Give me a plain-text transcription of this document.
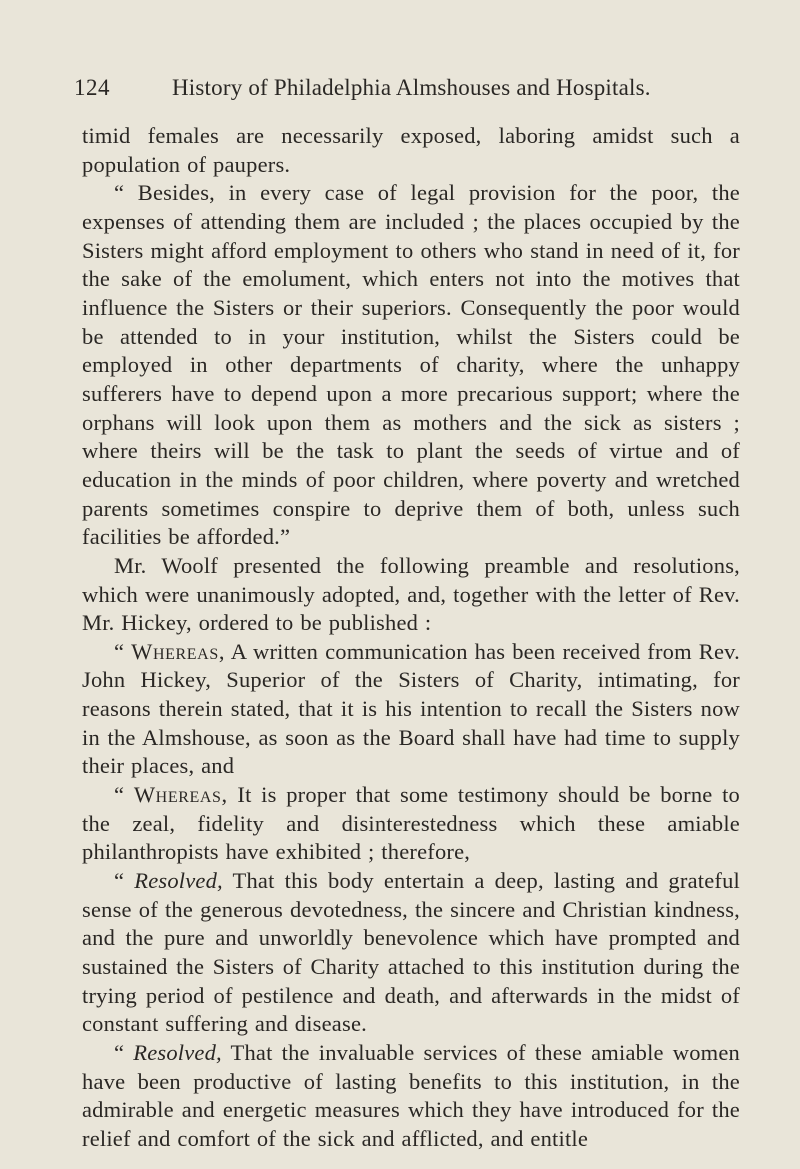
124	History of Philadelphia Almshouses and Hospitals.

timid females are necessarily exposed, laboring amidst such a population of paupers.

“ Besides, in every case of legal provision for the poor, the expenses of attending them are included ; the places occupied by the Sisters might afford employment to others who stand in need of it, for the sake of the emolument, which enters not into the motives that influence the Sisters or their superiors. Consequently the poor would be attended to in your institution, whilst the Sisters could be employed in other departments of charity, where the unhappy sufferers have to depend upon a more precarious support; where the orphans will look upon them as mothers and the sick as sisters ; where theirs will be the task to plant the seeds of virtue and of education in the minds of poor children, where poverty and wretched parents sometimes conspire to deprive them of both, unless such facilities be afforded.”

Mr. Woolf presented the following preamble and resolutions, which were unanimously adopted, and, together with the letter of Rev. Mr. Hickey, ordered to be published :

“ Whereas, A written communication has been received from Rev. John Hickey, Superior of the Sisters of Charity, intimating, for reasons therein stated, that it is his intention to recall the Sisters now in the Almshouse, as soon as the Board shall have had time to supply their places, and

“ Whereas, It is proper that some testimony should be borne to the zeal, fidelity and disinterestedness which these amiable philanthropists have exhibited ; therefore,

“ Resolved, That this body entertain a deep, lasting and grateful sense of the generous devotedness, the sincere and Christian kindness, and the pure and unworldly benevolence which have prompted and sustained the Sisters of Charity attached to this institution during the trying period of pestilence and death, and afterwards in the midst of constant suffering and disease.

“ Resolved, That the invaluable services of these amiable women have been productive of lasting benefits to this institution, in the admirable and energetic measures which they have introduced for the relief and comfort of the sick and afflicted, and entitle
